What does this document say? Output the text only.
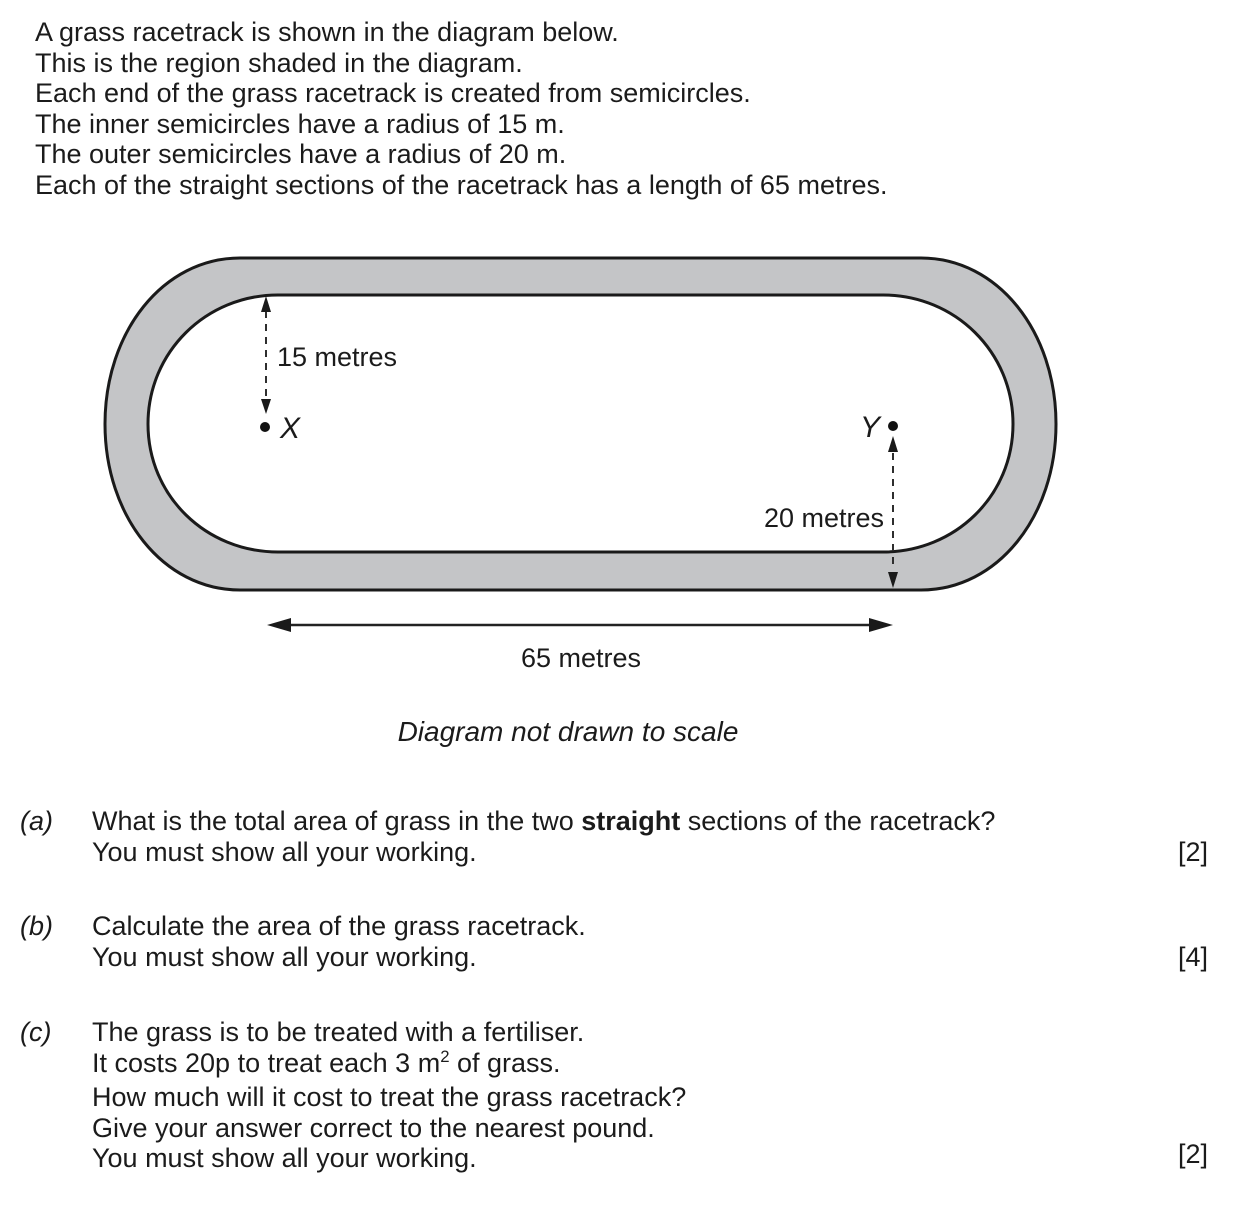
A grass racetrack is shown in the diagram below.
This is the region shaded in the diagram.
Each end of the grass racetrack is created from semicircles.
The inner semicircles have a radius of 15 m.
The outer semicircles have a radius of 20 m.
Each of the straight sections of the racetrack has a length of 65 metres.
15 metres
X	Y
20 metres
65 metres
Diagram not drawn to scale
(a) What is the total area of grass in the two straight sections of the racetrack?
You must show all your working.	[2]
(b) Calculate the area of the grass racetrack.
You must show all your working.	[4]
(c) The grass is to be treated with a fertiliser.
It costs 20p to treat each 3 $m^2$ of grass.
How much will it cost to treat the grass racetrack?
Give your answer correct to the nearest pound.
You must show all your working.	[2]
